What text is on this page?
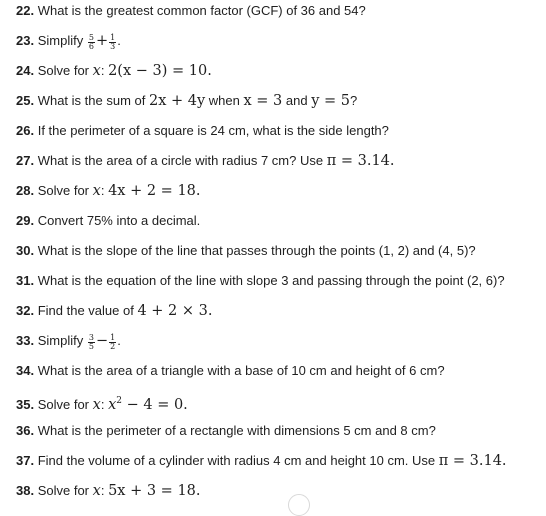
22. What is the greatest common factor (GCF) of 36 and 54?
23. Simplify $\frac{5}{6} + \frac{1}{3}$ .
24. Solve for x: 2(x − 3) = 10.
25. What is the sum of 2x + 4y when x = 3 and y = 5?
26. If the perimeter of a square is 24 cm, what is the side length?
27. What is the area of a circle with radius 7 cm? Use π = 3.14.
28. Solve for x: 4x + 2 = 18.
29. Convert 75% into a decimal.
30. What is the slope of the line that passes through the points (1, 2) and (4, 5)?
31. What is the equation of the line with slope 3 and passing through the point (2, 6)?
32. Find the value of 4 + 2 × 3.
33. Simplify $\frac{3}{5} - \frac{1}{2}$ .
34. What is the area of a triangle with a base of 10 cm and height of 6 cm?
35. Solve for x: $x^2 - 4 = 0$.
36. What is the perimeter of a rectangle with dimensions 5 cm and 8 cm?
37. Find the volume of a cylinder with radius 4 cm and height 10 cm. Use π = 3.14.
38. Solve for x: 5x + 3 = 18.
